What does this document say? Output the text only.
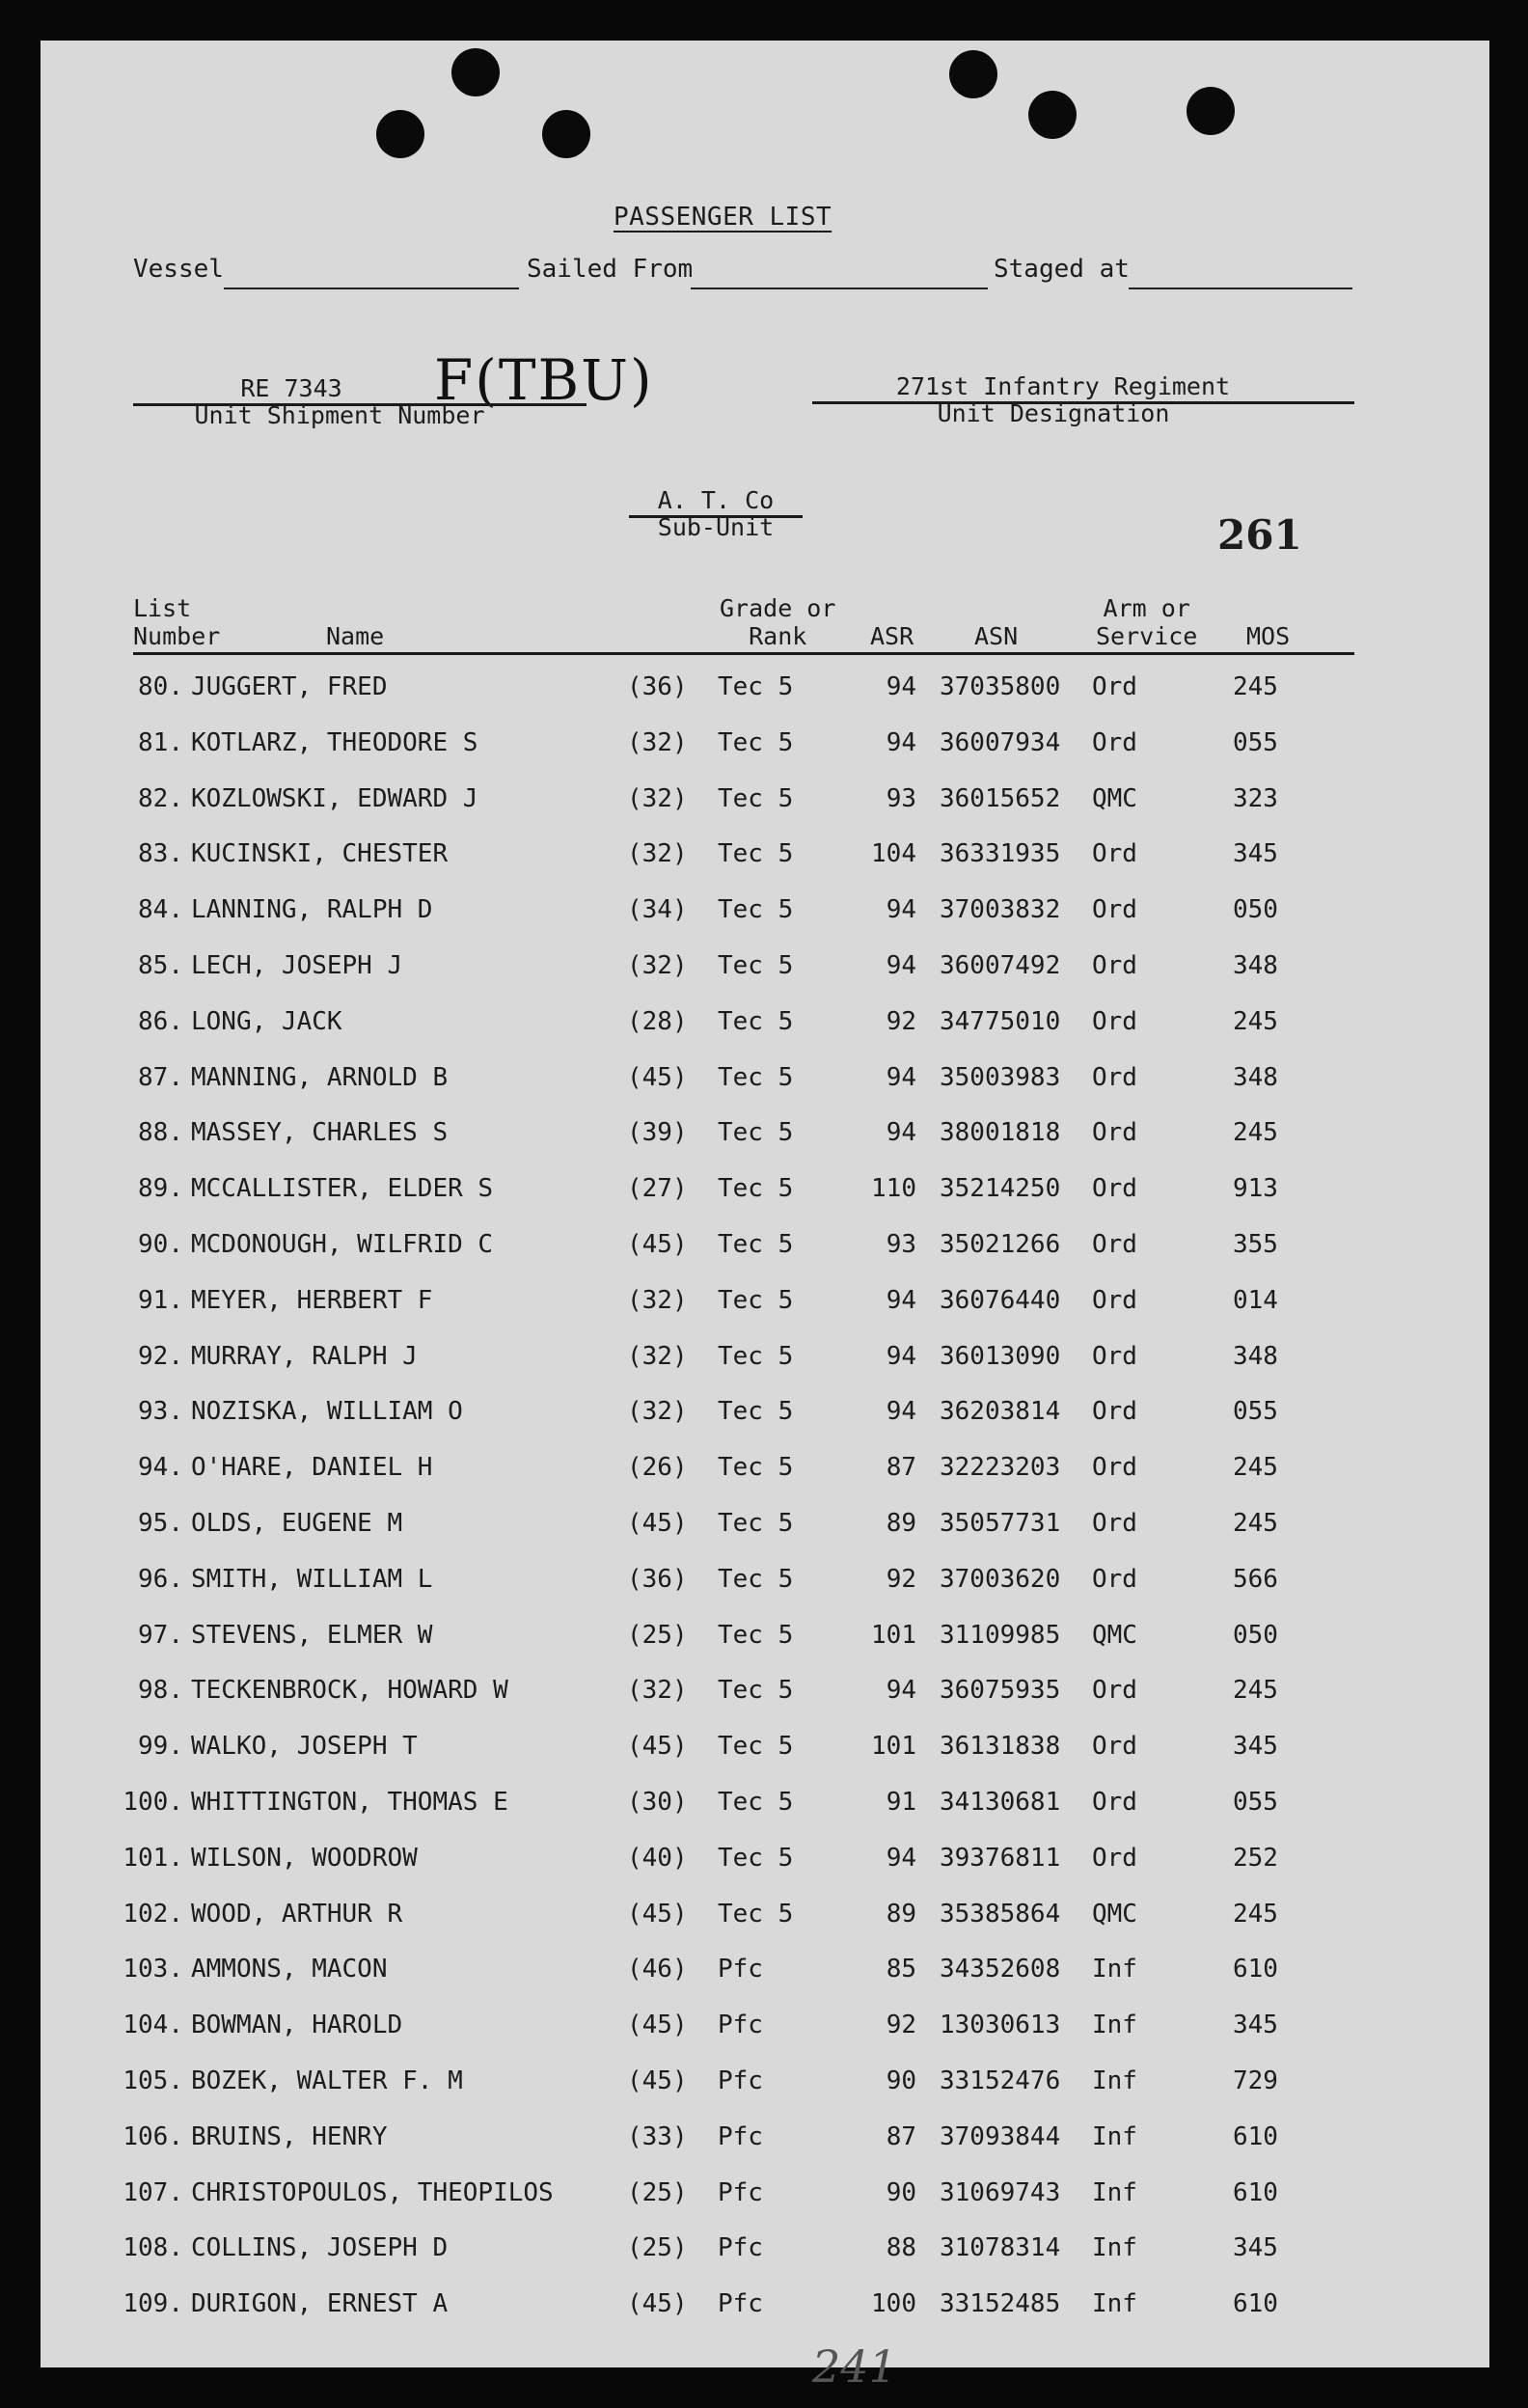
PASSENGER LIST
Vessel	Sailed From	Staged at
RE 7343	F(TBU)
Unit Shipment Number
271st Infantry Regiment
Unit Designation
A. T. Co
Sub-Unit	261
List
Number	Name
Grade or
Rank	ASR	ASN
Arm or
Service MOS
80. JUGGERT, FRED	(36) Tec 5	94 37035800 Ord	245
81. KOTLARZ, THEODORE S	(32) Tec 5	94 36007934 Ord	055
82. KOZLOWSKI, EDWARD J	(32) Tec 5	93 36015652 QMC	323
83. KUCINSKI, CHESTER	(32) Tec 5	104 36331935 Ord	345
84. LANNING, RALPH D	(34) Tec 5	94 37003832 Ord	050
85. LECH, JOSEPH J	(32) Tec 5	94 36007492 Ord	348
86. LONG, JACK	(28) Tec 5	92 34775010 Ord	245
87. MANNING, ARNOLD B	(45) Tec 5	94 35003983 Ord	348
88. MASSEY, CHARLES S	(39) Tec 5	94 38001818 Ord	245
89. MCCALLISTER, ELDER S	(27) Tec 5	110 35214250 Ord	913
90. MCDONOUGH, WILFRID C	(45) Tec 5	93 35021266 Ord	355
91. MEYER, HERBERT F	(32) Tec 5	94 36076440 Ord	014
92. MURRAY, RALPH J	(32) Tec 5	94 36013090 Ord	348
93. NOZISKA, WILLIAM O	(32) Tec 5	94 36203814 Ord	055
94. O'HARE, DANIEL H	(26) Tec 5	87 32223203 Ord	245
95. OLDS, EUGENE M	(45) Tec 5	89 35057731 Ord	245
96. SMITH, WILLIAM L	(36) Tec 5	92 37003620 Ord	566
97. STEVENS, ELMER W	(25) Tec 5	101 31109985 QMC	050
98. TECKENBROCK, HOWARD W	(32) Tec 5	94 36075935 Ord	245
99. WALKO, JOSEPH T	(45) Tec 5	101 36131838 Ord	345
100. WHITTINGTON, THOMAS E	(30) Tec 5	91 34130681 Ord	055
101. WILSON, WOODROW	(40) Tec 5	94 39376811 Ord	252
102. WOOD, ARTHUR R	(45) Tec 5	89 35385864 QMC	245
103. AMMONS, MACON	(46) Pfc	85 34352608 Inf	610
104. BOWMAN, HAROLD	(45) Pfc	92 13030613 Inf	345
105. BOZEK, WALTER F. M	(45) Pfc	90 33152476 Inf	729
106. BRUINS, HENRY	(33) Pfc	87 37093844 Inf	610
107. CHRISTOPOULOS, THEOPILOS	(25) Pfc	90 31069743 Inf	610
108. COLLINS, JOSEPH D	(25) Pfc	88 31078314 Inf	345
109. DURIGON, ERNEST A	(45) Pfc	100 33152485 Inf	610
241
